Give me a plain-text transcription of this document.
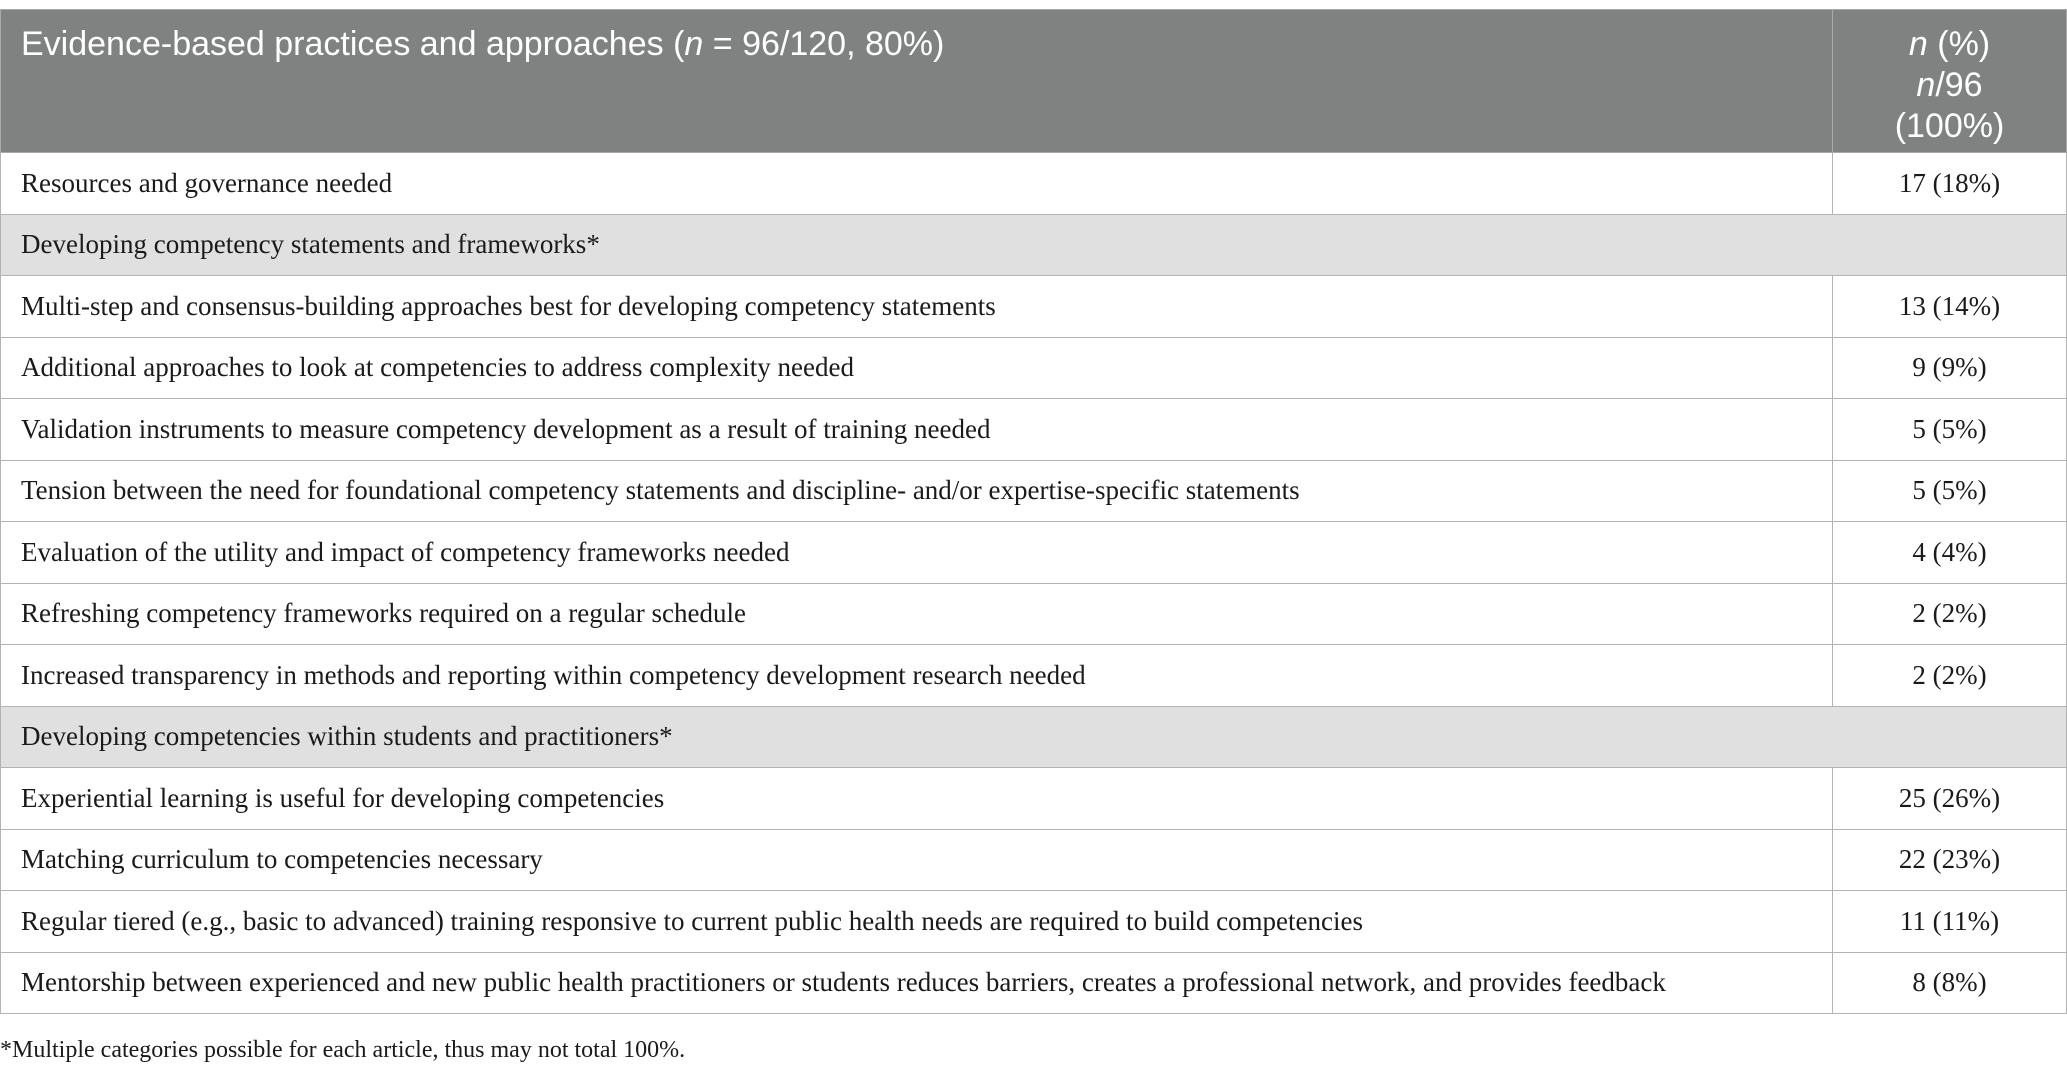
Evidence-based practices and approaches (n = 96/120, 80%)	n (%)
n/96
(100%)
Resources and governance needed	17 (18%)
Developing competency statements and frameworks*	
Multi-step and consensus-building approaches best for developing competency statements	13 (14%)
Additional approaches to look at competencies to address complexity needed	9 (9%)
Validation instruments to measure competency development as a result of training needed	5 (5%)
Tension between the need for foundational competency statements and discipline- and/or expertise-specific statements	5 (5%)
Evaluation of the utility and impact of competency frameworks needed	4 (4%)
Refreshing competency frameworks required on a regular schedule	2 (2%)
Increased transparency in methods and reporting within competency development research needed	2 (2%)
Developing competencies within students and practitioners*	
Experiential learning is useful for developing competencies	25 (26%)
Matching curriculum to competencies necessary	22 (23%)
Regular tiered (e.g., basic to advanced) training responsive to current public health needs are required to build competencies	11 (11%)
Mentorship between experienced and new public health practitioners or students reduces barriers, creates a professional network, and provides feedback	8 (8%)
*Multiple categories possible for each article, thus may not total 100%.
